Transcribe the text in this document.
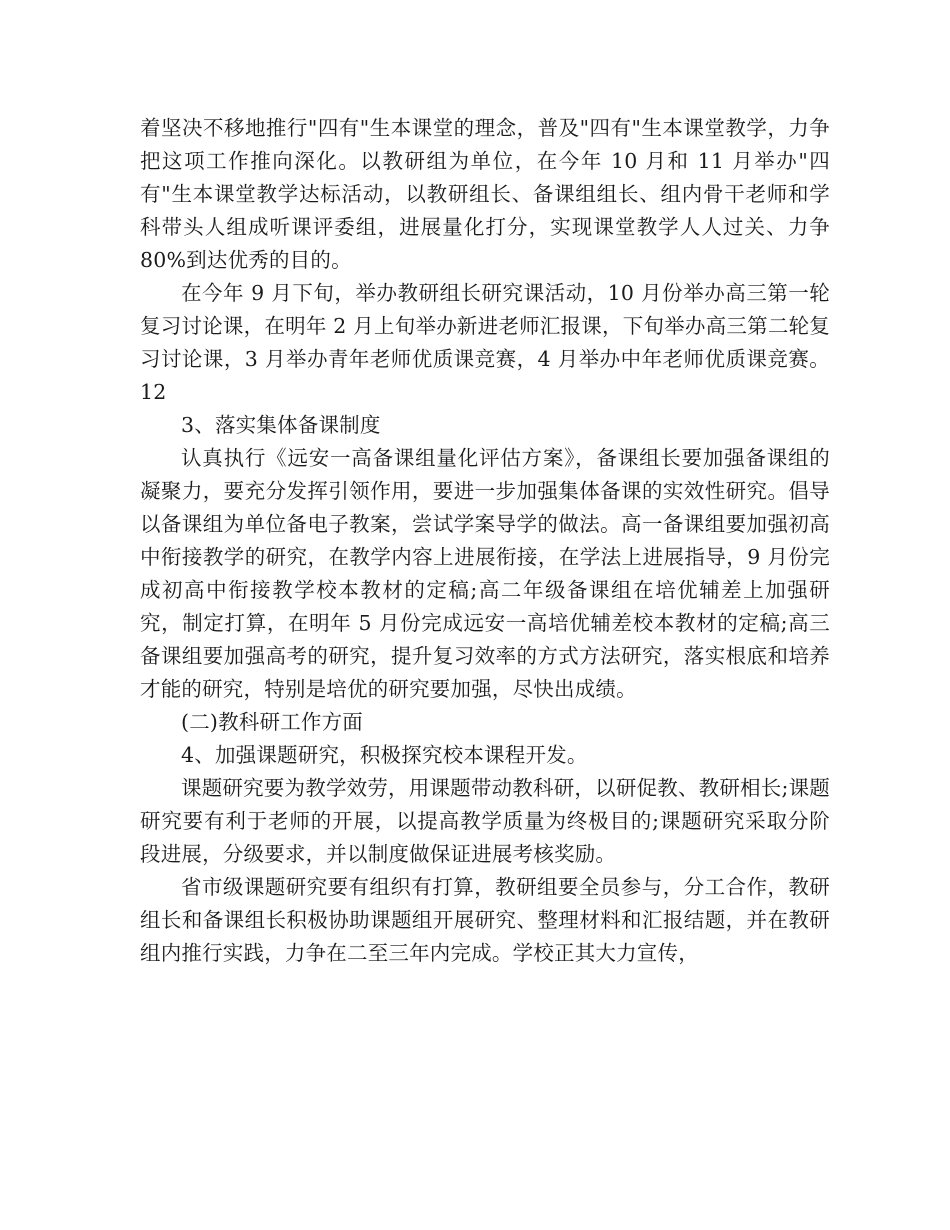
着坚决不移地推行"四有"生本课堂的理念，普及"四有"生本课堂教学，力争把这项工作推向深化。以教研组为单位，在今年 10 月和 11 月举办"四有"生本课堂教学达标活动，以教研组长、备课组组长、组内骨干老师和学科带头人组成听课评委组，进展量化打分，实现课堂教学人人过关、力争 80%到达优秀的目的。

在今年 9 月下旬，举办教研组长研究课活动，10 月份举办高三第一轮复习讨论课，在明年 2 月上旬举办新进老师汇报课，下旬举办高三第二轮复习讨论课，3 月举办青年老师优质课竞赛，4 月举办中年老师优质课竞赛。12

3、落实集体备课制度

认真执行《远安一高备课组量化评估方案》，备课组长要加强备课组的凝聚力，要充分发挥引领作用，要进一步加强集体备课的实效性研究。倡导以备课组为单位备电子教案，尝试学案导学的做法。高一备课组要加强初高中衔接教学的研究，在教学内容上进展衔接，在学法上进展指导，9 月份完成初高中衔接教学校本教材的定稿;高二年级备课组在培优辅差上加强研究，制定打算，在明年 5 月份完成远安一高培优辅差校本教材的定稿;高三备课组要加强高考的研究，提升复习效率的方式方法研究，落实根底和培养才能的研究，特别是培优的研究要加强，尽快出成绩。

(二)教科研工作方面

4、加强课题研究，积极探究校本课程开发。

课题研究要为教学效劳，用课题带动教科研，以研促教、教研相长;课题研究要有利于老师的开展，以提高教学质量为终极目的;课题研究采取分阶段进展，分级要求，并以制度做保证进展考核奖励。

省市级课题研究要有组织有打算，教研组要全员参与，分工合作，教研组长和备课组长积极协助课题组开展研究、整理材料和汇报结题，并在教研组内推行实践，力争在二至三年内完成。学校正其大力宣传，
